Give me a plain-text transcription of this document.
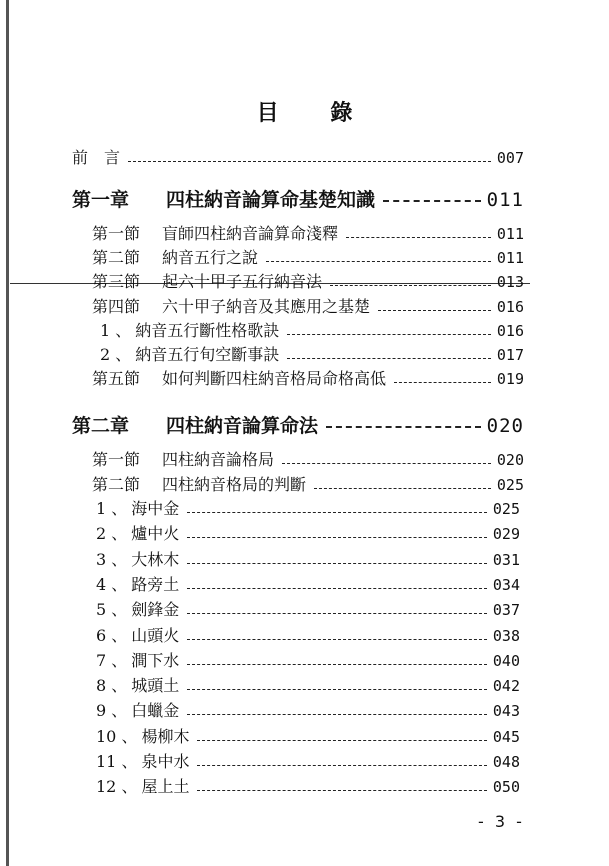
目 錄
前　言	007
第一章 四柱納音論算命基楚知識	011
第一節 盲師四柱納音論算命淺釋	011
第二節 納音五行之說	011
第三節 起六十甲子五行納音法	013
第四節 六十甲子納音及其應用之基楚	016
1 、 納音五行斷性格歌訣	016
2 、 納音五行旬空斷事訣	017
第五節 如何判斷四柱納音格局命格高低	019
第二章 四柱納音論算命法	020
第一節 四柱納音論格局	020
第二節 四柱納音格局的判斷	025
1 、 海中金	025
2 、 爐中火	029
3 、 大林木	031
4 、 路旁土	034
5 、 劍鋒金	037
6 、 山頭火	038
7 、 澗下水	040
8 、 城頭土	042
9 、 白蠟金	043
10 、 楊柳木	045
11 、 泉中水	048
12 、 屋上土	050
- 3 -
